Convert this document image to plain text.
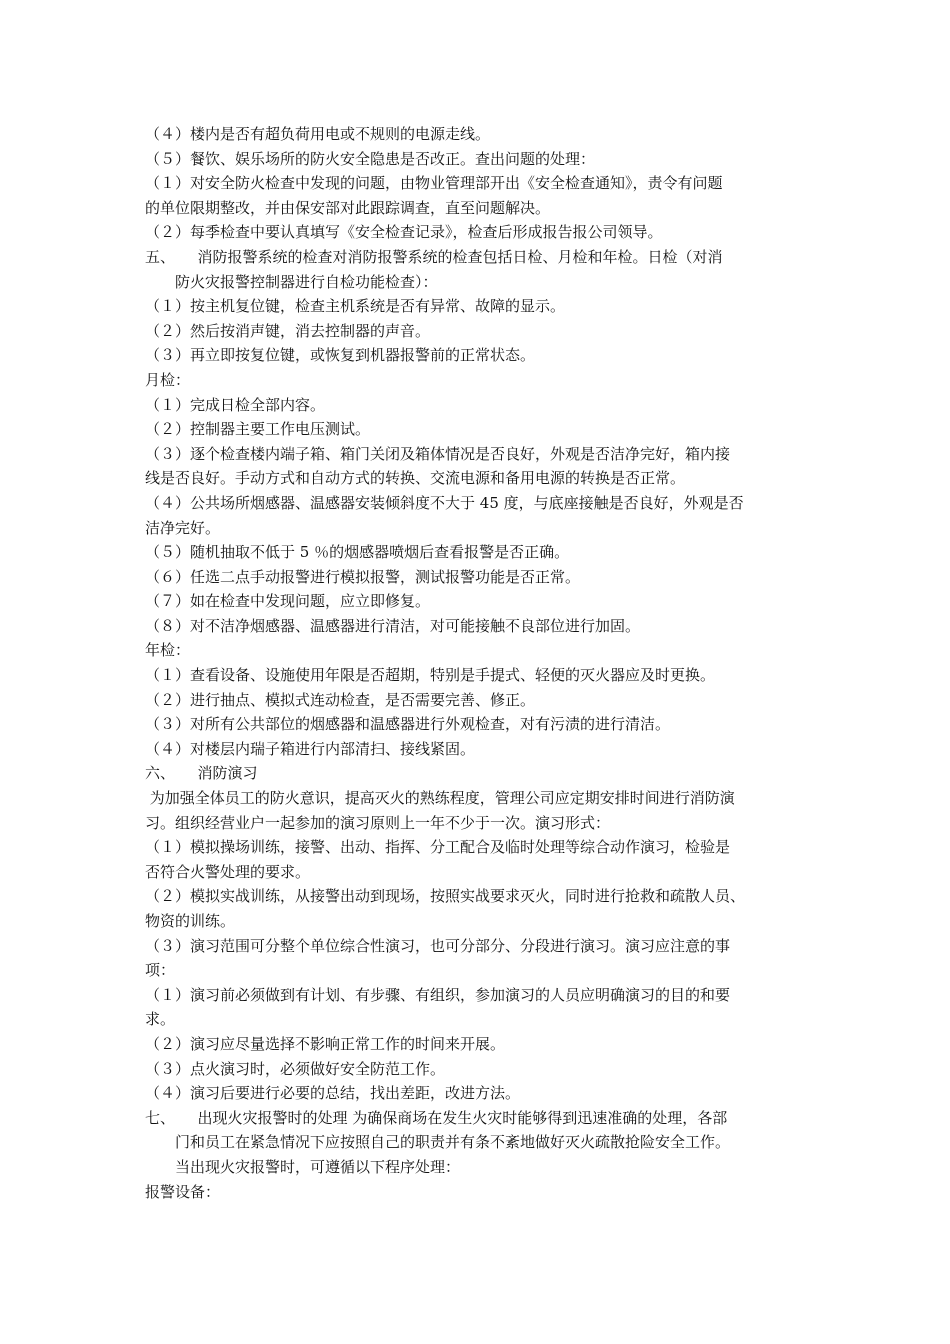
（４）楼内是否有超负荷用电或不规则的电源走线。
（５）餐饮、娱乐场所的防火安全隐患是否改正。查出问题的处理：
（１）对安全防火检查中发现的问题，由物业管理部开出《安全检查通知》，责令有问题
的单位限期整改，并由保安部对此跟踪调查，直至问题解决。
（２）每季检查中要认真填写《安全检查记录》，检查后形成报告报公司领导。
五、　　消防报警系统的检查对消防报警系统的检查包括日检、月检和年检。日检（对消
防火灾报警控制器进行自检功能检查）：
（１）按主机复位键，检查主机系统是否有异常、故障的显示。
（２）然后按消声键，消去控制器的声音。
（３）再立即按复位键，或恢复到机器报警前的正常状态。
月检：
（１）完成日检全部内容。
（２）控制器主要工作电压测试。
（３）逐个检查楼内端子箱、箱门关闭及箱体情况是否良好，外观是否洁净完好，箱内接
线是否良好。手动方式和自动方式的转换、交流电源和备用电源的转换是否正常。
（４）公共场所烟感器、温感器安装倾斜度不大于 45 度，与底座接触是否良好，外观是否
洁净完好。
（５）随机抽取不低于 5 ％的烟感器喷烟后查看报警是否正确。
（６）任选二点手动报警进行模拟报警，测试报警功能是否正常。
（７）如在检查中发现问题，应立即修复。
（８）对不洁净烟感器、温感器进行清洁，对可能接触不良部位进行加固。
年检：
（１）查看设备、设施使用年限是否超期，特别是手提式、轻便的灭火器应及时更换。
（２）进行抽点、模拟式连动检查，是否需要完善、修正。
（３）对所有公共部位的烟感器和温感器进行外观检查，对有污渍的进行清洁。
（４）对楼层内瑞子箱进行内部清扫、接线紧固。
六、　　消防演习
为加强全体员工的防火意识，提高灭火的熟练程度，管理公司应定期安排时间进行消防演
习。组织经营业户一起参加的演习原则上一年不少于一次。演习形式：
（１）模拟操场训练，接警、出动、指挥、分工配合及临时处理等综合动作演习，检验是
否符合火警处理的要求。
（２）模拟实战训练，从接警出动到现场，按照实战要求灭火，同时进行抢救和疏散人员、
物资的训练。
（３）演习范围可分整个单位综合性演习，也可分部分、分段进行演习。演习应注意的事
项：
（１）演习前必须做到有计划、有步骤、有组织，参加演习的人员应明确演习的目的和要
求。
（２）演习应尽量选择不影响正常工作的时间来开展。
（３）点火演习时，必须做好安全防范工作。
（４）演习后要进行必要的总结，找出差距，改进方法。
七、　　出现火灾报警时的处理 为确保商场在发生火灾时能够得到迅速准确的处理，各部
门和员工在紧急情况下应按照自己的职责并有条不紊地做好灭火疏散抢险安全工作。
当出现火灾报警时，可遵循以下程序处理：
报警设备：
